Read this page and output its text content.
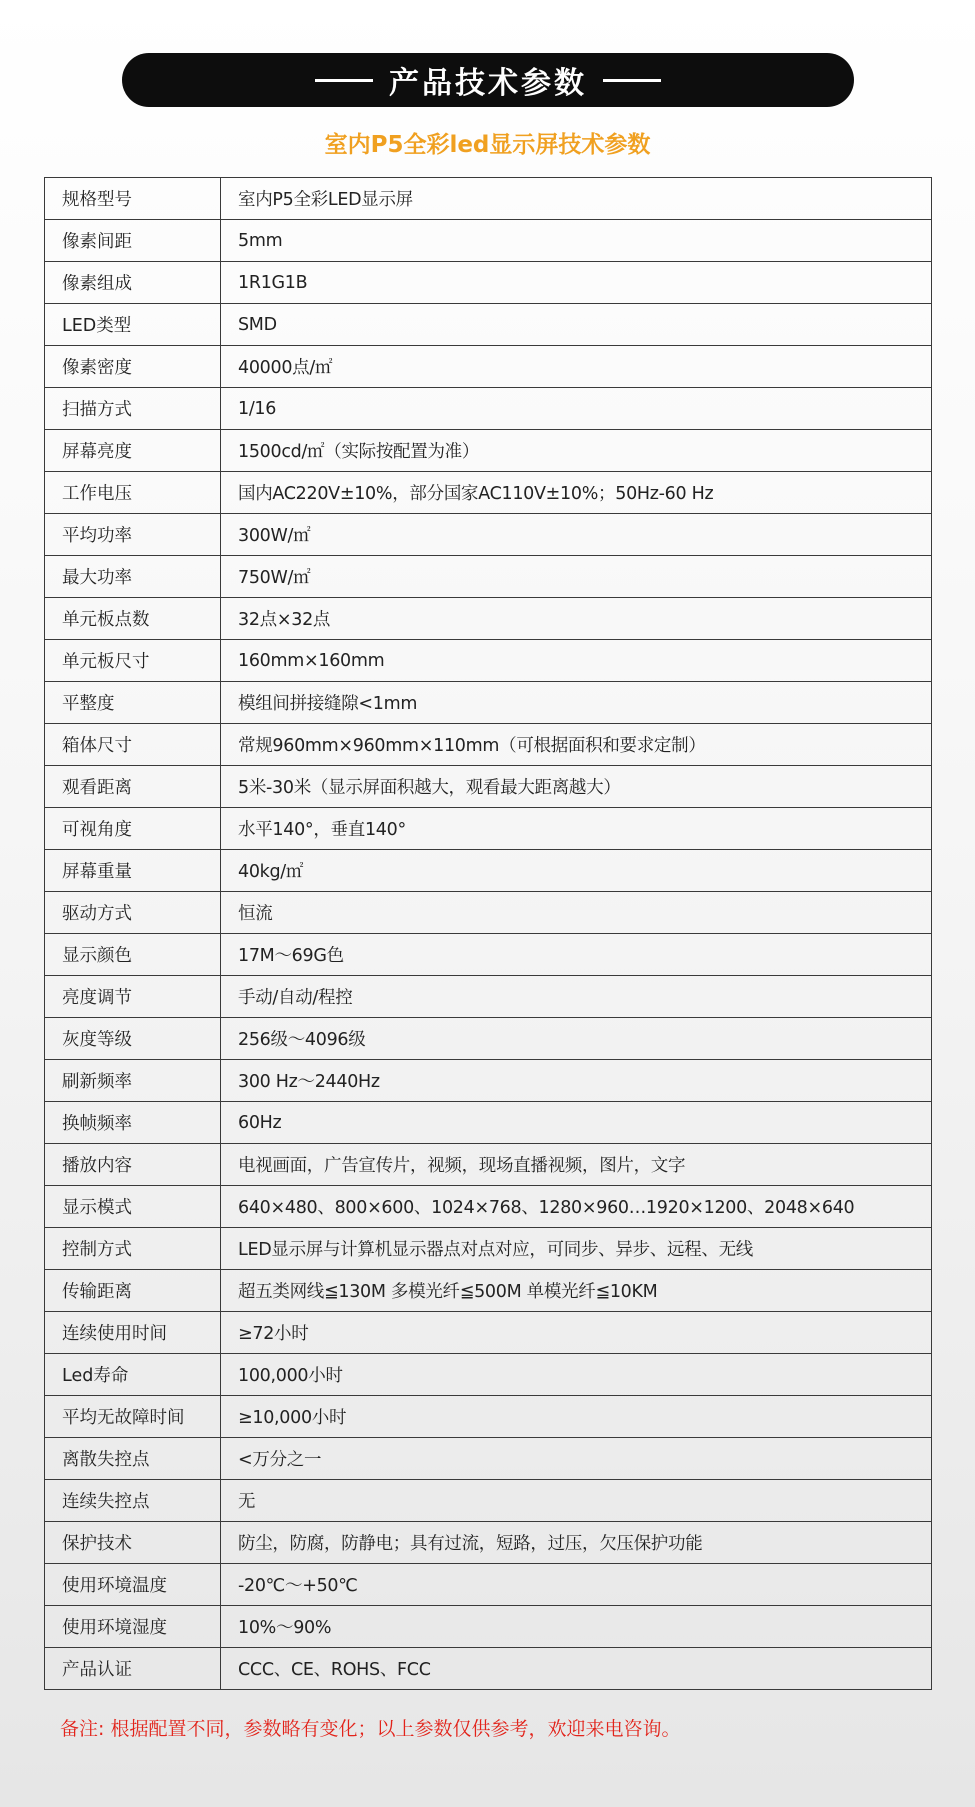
产品技术参数
室内P5全彩led显示屏技术参数
规格型号	室内P5全彩LED显示屏
像素间距	5mm
像素组成	1R1G1B
LED类型	SMD
像素密度	40000点/㎡
扫描方式	1/16
屏幕亮度	1500cd/㎡（实际按配置为准）
工作电压	国内AC220V±10%，部分国家AC110V±10%；50Hz-60 Hz
平均功率	300W/㎡
最大功率	750W/㎡
单元板点数	32点×32点
单元板尺寸	160mm×160mm
平整度	模组间拼接缝隙<1mm
箱体尺寸	常规960mm×960mm×110mm（可根据面积和要求定制）
观看距离	5米-30米（显示屏面积越大，观看最大距离越大）
可视角度	水平140°，垂直140°
屏幕重量	40kg/㎡
驱动方式	恒流
显示颜色	17M～69G色
亮度调节	手动/自动/程控
灰度等级	256级～4096级
刷新频率	300 Hz～2440Hz
换帧频率	60Hz
播放内容	电视画面，广告宣传片，视频，现场直播视频，图片，文字
显示模式	640×480、800×600、1024×768、1280×960…1920×1200、2048×640
控制方式	LED显示屏与计算机显示器点对点对应，可同步、异步、远程、无线
传输距离	超五类网线≦130M 多模光纤≦500M 单模光纤≦10KM
连续使用时间	≥72小时
Led寿命	100,000小时
平均无故障时间	≥10,000小时
离散失控点	<万分之一
连续失控点	无
保护技术	防尘，防腐，防静电；具有过流，短路，过压，欠压保护功能
使用环境温度	-20℃～+50℃
使用环境湿度	10%～90%
产品认证	CCC、CE、ROHS、FCC
备注: 根据配置不同，参数略有变化；以上参数仅供参考，欢迎来电咨询。
